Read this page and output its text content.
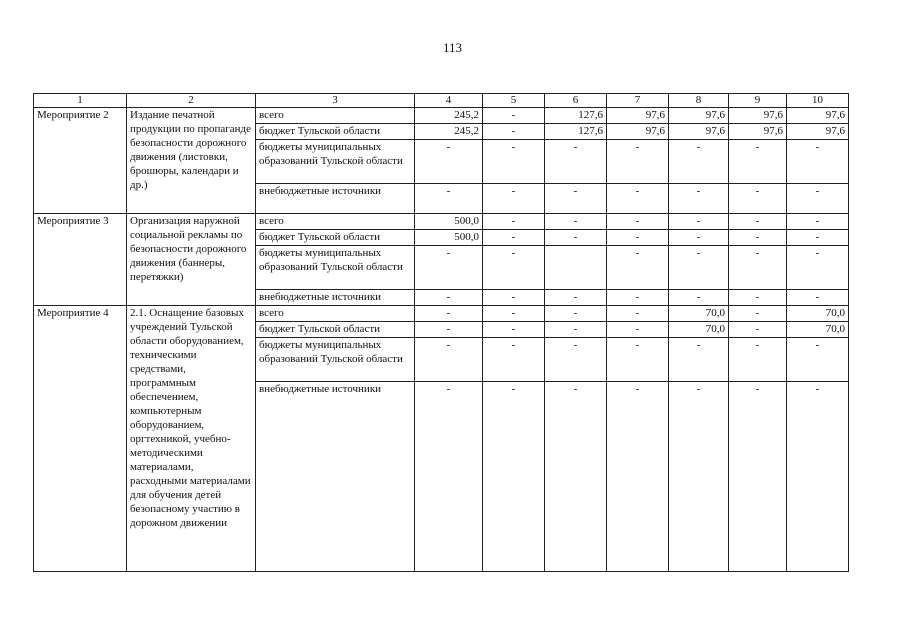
113
1	2	3	4	5	6	7	8	9	10
Мероприятие 2	Издание печатной продукции по пропаганде безопасности дорожного движения (листовки, брошюры, календари и др.)	всего	245,2	-	127,6	97,6	97,6	97,6	97,6
		бюджет Тульской области	245,2	-	127,6	97,6	97,6	97,6	97,6
		бюджеты муниципальных образований Тульской области	-	-	-	-	-	-	-
		внебюджетные источники	-	-	-	-	-	-	-
Мероприятие 3	Организация наружной социальной рекламы по безопасности дорожного движения (баннеры, перетяжки)	всего	500,0	-	-	-	-	-	-
		бюджет Тульской области	500,0	-	-	-	-	-	-
		бюджеты муниципальных образований Тульской области	-	-		-	-	-	-
		внебюджетные источники	-	-	-	-	-	-	-
Мероприятие 4	2.1. Оснащение базовых учреждений Тульской области оборудованием, техническими средствами, программным обеспечением, компьютерным оборудованием, оргтехникой, учебно-методическими материалами, расходными материалами для обучения детей безопасному участию в дорожном движении	всего	-	-	-	-	70,0	-	70,0
		бюджет Тульской области	-	-	-	-	70,0	-	70,0
		бюджеты муниципальных образований Тульской области	-	-	-	-	-	-	-
		внебюджетные источники	-	-	-	-	-	-	-
